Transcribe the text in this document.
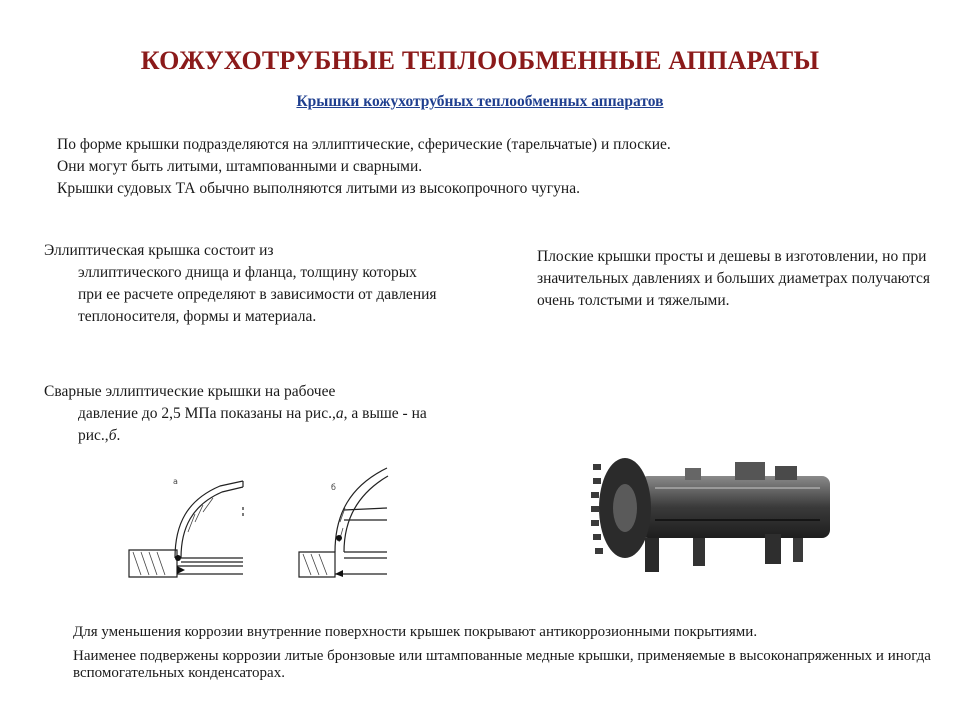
КОЖУХОТРУБНЫЕ ТЕПЛООБМЕННЫЕ АППАРАТЫ
Крышки кожухотрубных теплообменных аппаратов
По форме крышки подразделяются на эллиптические, сферические (тарельчатые) и плоские.
Они могут быть литыми, штампованными и сварными.
Крышки судовых ТА обычно выполняются литыми из высокопрочного чугуна.
Эллиптическая крышка состоит из
эллиптического днища и фланца, толщину которых при ее расчете определяют в зависимости от давления теплоносителя, формы и материала.
Сварные эллиптические крышки на рабочее
давление до 2,5 МПа показаны на рис.,а, а выше - на рис.,б.
Плоские крышки просты и дешевы в изготовлении, но при значительных давлениях и больших диаметрах получаются очень толстыми и тяжелыми.
а
б

Для уменьшения коррозии внутренние поверхности крышек покрывают антикоррозионными покрытиями.

Наименее подвержены коррозии литые бронзовые или штампованные медные крышки, применяемые в высоконапряженных и иногда вспомогательных конденсаторах.
